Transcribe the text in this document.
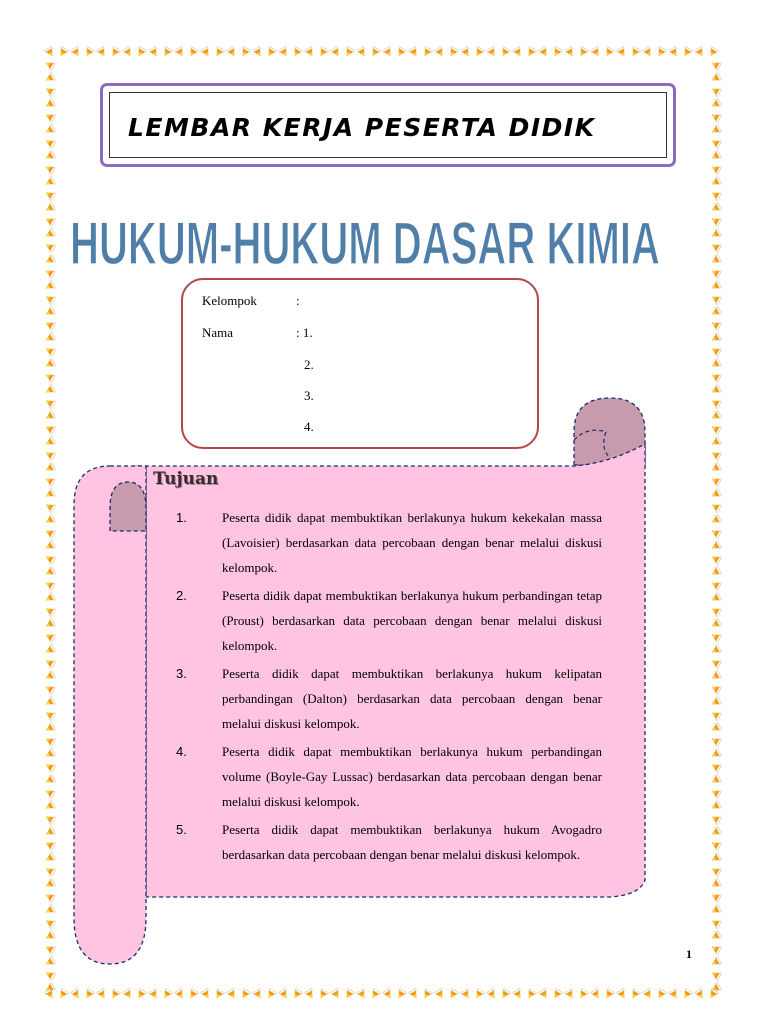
LEMBAR KERJA PESERTA DIDIK
HUKUM-HUKUM DASAR KIMIA
Kelompok	:
Nama	: 1.
2.
3.
4.
Tujuan
1.	Peserta didik dapat membuktikan berlakunya hukum kekekalan massa (Lavoisier) berdasarkan data percobaan dengan benar melalui diskusi kelompok.
2.	Peserta didik dapat membuktikan berlakunya hukum perbandingan tetap (Proust) berdasarkan data percobaan dengan benar melalui diskusi kelompok.
3.	Peserta didik dapat membuktikan berlakunya hukum kelipatan perbandingan (Dalton) berdasarkan data percobaan dengan benar melalui diskusi kelompok.
4.	Peserta didik dapat membuktikan berlakunya hukum perbandingan volume (Boyle-Gay Lussac) berdasarkan data percobaan dengan benar melalui diskusi kelompok.
5.	Peserta didik dapat membuktikan berlakunya hukum Avogadro berdasarkan data percobaan dengan benar melalui diskusi kelompok.
1
